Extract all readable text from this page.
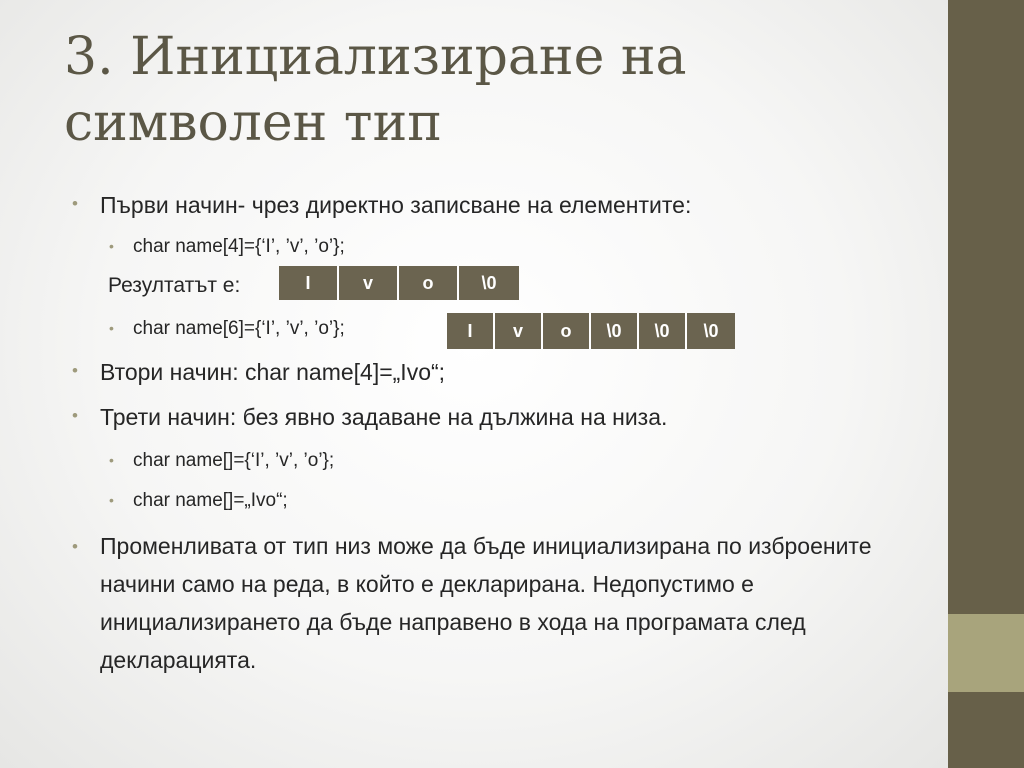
3. Инициализиране на
символен тип
• Първи начин- чрез директно записване на елементите:
• char name[4]={‘I’, ’v’, ’o’};
Резултатът е:	I	v	o	\0
• char name[6]={‘I’, ’v’, ’o’};	I	v	o	\0	\0	\0
• Втори начин: char name[4]=„Ivo“;
• Трети начин: без явно задаване на дължина на низа.
• char name[]={‘I’, ’v’, ’o’};
• char name[]=„Ivo“;
• Променливата от тип низ може да бъде инициализирана по изброените начини само на реда, в който е декларирана. Недопустимо е инициализирането да бъде направено в хода на програмата след декларацията.
